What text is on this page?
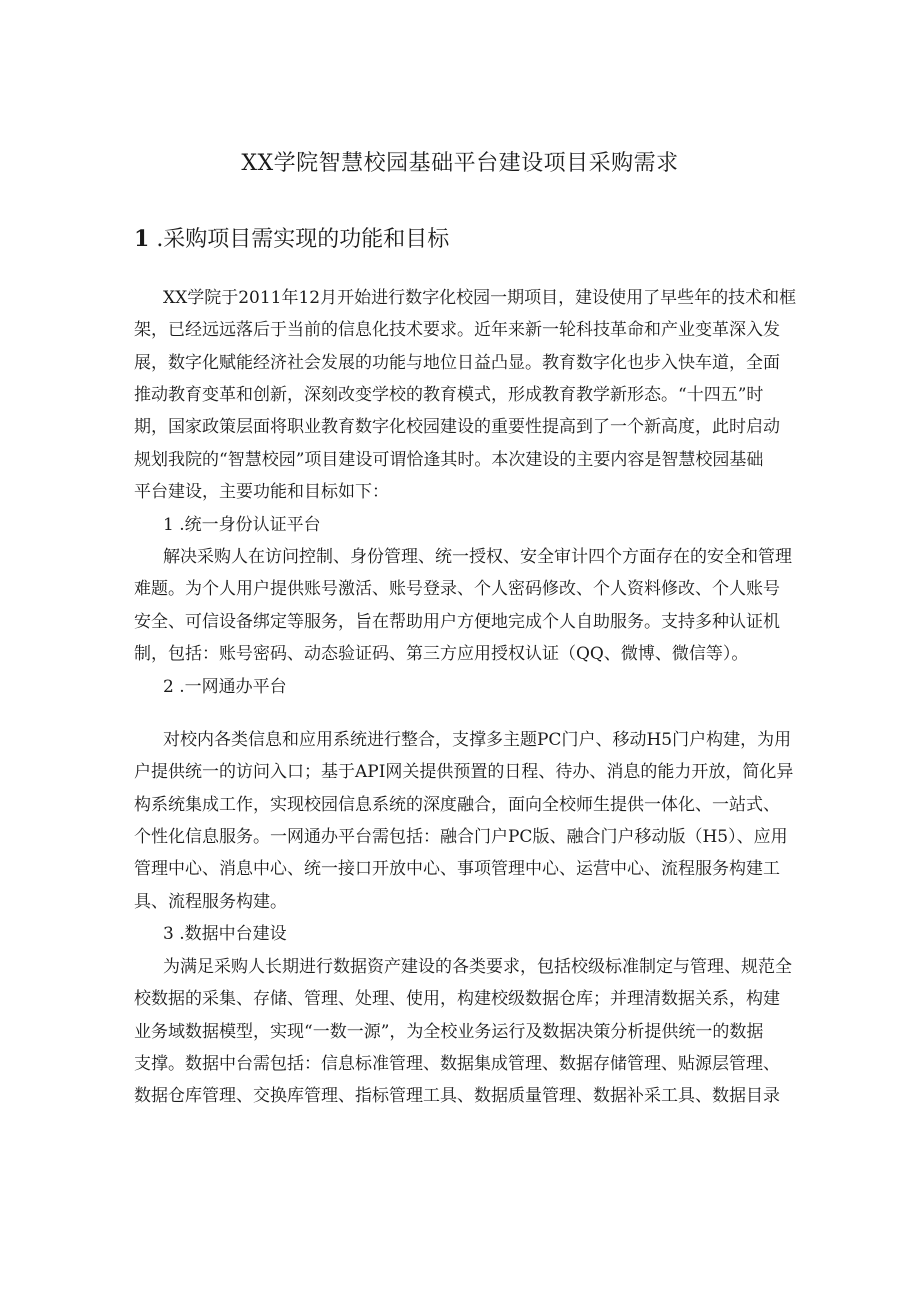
XX学院智慧校园基础平台建设项目采购需求
1 .采购项目需实现的功能和目标
XX学院于2011年12月开始进行数字化校园一期项目，建设使用了早些年的技术和框
架，已经远远落后于当前的信息化技术要求。近年来新一轮科技革命和产业变革深入发
展，数字化赋能经济社会发展的功能与地位日益凸显。教育数字化也步入快车道，全面
推动教育变革和创新，深刻改变学校的教育模式，形成教育教学新形态。“十四五”时
期，国家政策层面将职业教育数字化校园建设的重要性提高到了一个新高度，此时启动
规划我院的“智慧校园”项目建设可谓恰逢其时。本次建设的主要内容是智慧校园基础
平台建设，主要功能和目标如下：
1 .统一身份认证平台
解决采购人在访问控制、身份管理、统一授权、安全审计四个方面存在的安全和管理
难题。为个人用户提供账号激活、账号登录、个人密码修改、个人资料修改、个人账号
安全、可信设备绑定等服务，旨在帮助用户方便地完成个人自助服务。支持多种认证机
制，包括：账号密码、动态验证码、第三方应用授权认证（QQ、微博、微信等）。
2 .一网通办平台
对校内各类信息和应用系统进行整合，支撑多主题PC门户、移动H5门户构建，为用
户提供统一的访问入口；基于API网关提供预置的日程、待办、消息的能力开放，简化异
构系统集成工作，实现校园信息系统的深度融合，面向全校师生提供一体化、一站式、
个性化信息服务。一网通办平台需包括：融合门户PC版、融合门户移动版（H5）、应用
管理中心、消息中心、统一接口开放中心、事项管理中心、运营中心、流程服务构建工
具、流程服务构建。
3 .数据中台建设
为满足采购人长期进行数据资产建设的各类要求，包括校级标准制定与管理、规范全
校数据的采集、存储、管理、处理、使用，构建校级数据仓库；并理清数据关系，构建
业务域数据模型，实现“一数一源”，为全校业务运行及数据决策分析提供统一的数据
支撑。数据中台需包括：信息标准管理、数据集成管理、数据存储管理、贴源层管理、
数据仓库管理、交换库管理、指标管理工具、数据质量管理、数据补采工具、数据目录
